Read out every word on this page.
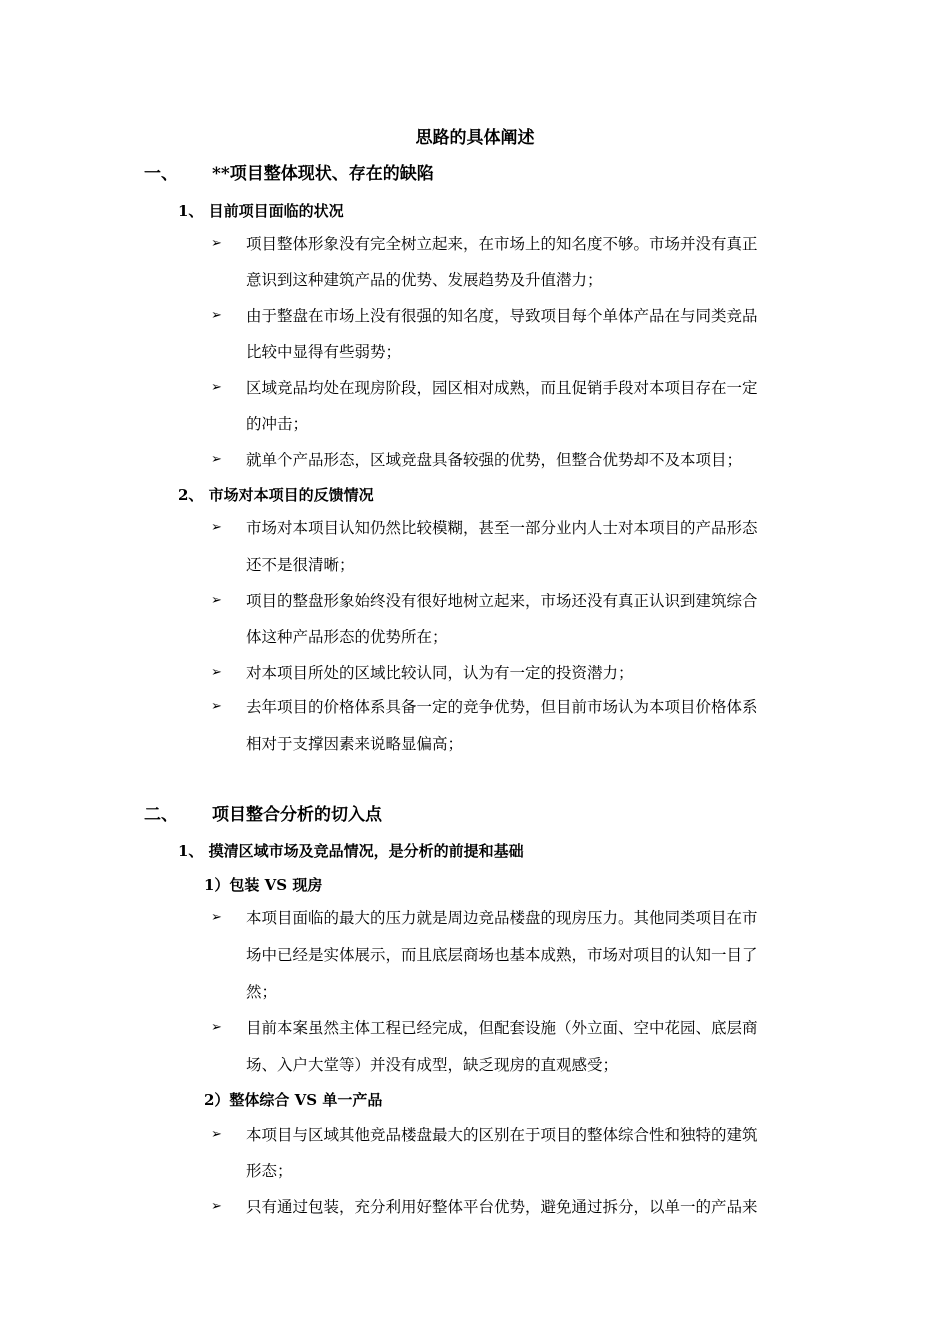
思路的具体阐述

一、 **项目整体现状、存在的缺陷

1、 目前项目面临的状况

➢ 项目整体形象没有完全树立起来，在市场上的知名度不够。市场并没有真正

意识到这种建筑产品的优势、发展趋势及升值潜力；

➢ 由于整盘在市场上没有很强的知名度，导致项目每个单体产品在与同类竞品

比较中显得有些弱势；

➢ 区域竞品均处在现房阶段，园区相对成熟，而且促销手段对本项目存在一定

的冲击；

➢ 就单个产品形态，区域竞盘具备较强的优势，但整合优势却不及本项目；

2、 市场对本项目的反馈情况

➢ 市场对本项目认知仍然比较模糊，甚至一部分业内人士对本项目的产品形态

还不是很清晰；

➢ 项目的整盘形象始终没有很好地树立起来，市场还没有真正认识到建筑综合

体这种产品形态的优势所在；

➢ 对本项目所处的区域比较认同，认为有一定的投资潜力；

➢ 去年项目的价格体系具备一定的竞争优势，但目前市场认为本项目价格体系

相对于支撑因素来说略显偏高；

二、 项目整合分析的切入点

1、 摸清区域市场及竞品情况，是分析的前提和基础

1）包装 VS 现房

➢ 本项目面临的最大的压力就是周边竞品楼盘的现房压力。其他同类项目在市

场中已经是实体展示，而且底层商场也基本成熟，市场对项目的认知一目了

然；

➢ 目前本案虽然主体工程已经完成，但配套设施（外立面、空中花园、底层商

场、入户大堂等）并没有成型，缺乏现房的直观感受；

2）整体综合 VS 单一产品

➢ 本项目与区域其他竞品楼盘最大的区别在于项目的整体综合性和独特的建筑

形态；

➢ 只有通过包装，充分利用好整体平台优势，避免通过拆分，以单一的产品来
